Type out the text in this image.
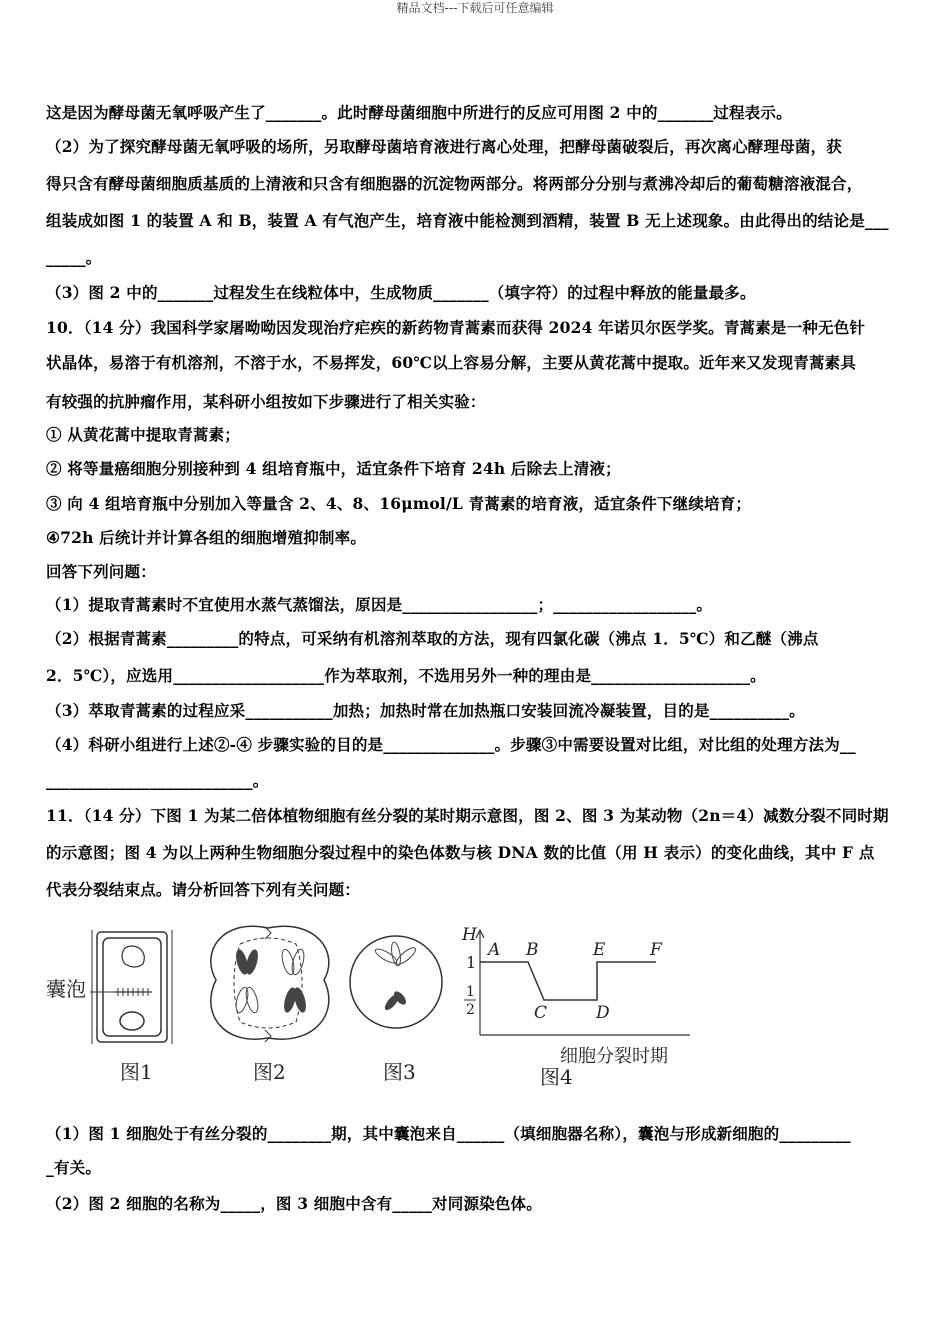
精品文档---下载后可任意编辑
这是因为酵母菌无氧呼吸产生了_______。此时酵母菌细胞中所进行的反应可用图 2 中的_______过程表示。
（2）为了探究酵母菌无氧呼吸的场所，另取酵母菌培育液进行离心处理，把酵母菌破裂后，再次离心酵理母菌，获
得只含有酵母菌细胞质基质的上清液和只含有细胞器的沉淀物两部分。将两部分分别与煮沸冷却后的葡萄糖溶液混合，
组装成如图 1 的装置 A 和 B，装置 A 有气泡产生，培育液中能检测到酒精，装置 B 无上述现象。由此得出的结论是___
_____。
（3）图 2 中的_______过程发生在线粒体中，生成物质_______（填字符）的过程中释放的能量最多。
10．（14 分）我国科学家屠呦呦因发现治疗疟疾的新药物青蒿素而获得 2024 年诺贝尔医学奖。青蒿素是一种无色针
状晶体，易溶于有机溶剂，不溶于水，不易挥发，60℃以上容易分解，主要从黄花蒿中提取。近年来又发现青蒿素具
有较强的抗肿瘤作用，某科研小组按如下步骤进行了相关实验：
① 从黄花蒿中提取青蒿素；
② 将等量癌细胞分别接种到 4 组培育瓶中，适宜条件下培育 24h 后除去上清液；
③ 向 4 组培育瓶中分别加入等量含 2、4、8、16μmol/L 青蒿素的培育液，适宜条件下继续培育；
④72h 后统计并计算各组的细胞增殖抑制率。
回答下列问题：
（1）提取青蒿素时不宜使用水蒸气蒸馏法，原因是_________________；__________________。
（2）根据青蒿素_________的特点，可采纳有机溶剂萃取的方法，现有四氯化碳（沸点 1．5℃）和乙醚（沸点
2．5℃），应选用___________________作为萃取剂，不选用另外一种的理由是____________________。
（3）萃取青蒿素的过程应采___________加热；加热时常在加热瓶口安装回流冷凝装置，目的是__________。
（4）科研小组进行上述②-④ 步骤实验的目的是______________。步骤③中需要设置对比组，对比组的处理方法为__
__________________________。
11．（14 分）下图 1 为某二倍体植物细胞有丝分裂的某时期示意图，图 2、图 3 为某动物（2n＝4）减数分裂不同时期
的示意图；图 4 为以上两种生物细胞分裂过程中的染色体数与核 DNA 数的比值（用 H 表示）的变化曲线，其中 F 点
代表分裂结束点。请分析回答下列有关问题：
囊泡
图1	图2	图3
H
1
1
2
A B
C	D
E	F
细胞分裂时期
图4
（1）图 1 细胞处于有丝分裂的________期，其中囊泡来自______（填细胞器名称），囊泡与形成新细胞的_________
_有关。
（2）图 2 细胞的名称为_____，图 3 细胞中含有_____对同源染色体。
